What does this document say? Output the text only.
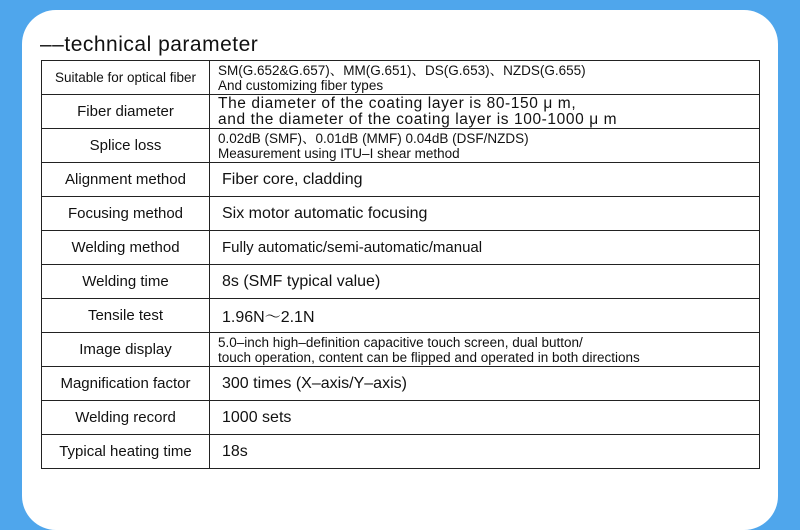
––technical parameter
Suitable for optical fiber	SM(G.652&G.657)、MM(G.651)、DS(G.653)、NZDS(G.655)
And customizing fiber types

Fiber diameter	The diameter of the coating layer is 80-150 μ m,
and the diameter of the coating layer is 100-1000 μ m

Splice loss	0.02dB (SMF)、0.01dB (MMF) 0.04dB (DSF/NZDS)
Measurement using ITU–I shear method

Alignment method	Fiber core, cladding
Focusing method	Six motor automatic focusing
Welding method	Fully automatic/semi-automatic/manual
Welding time	8s (SMF typical value)
Tensile test	1.96N～2.1N
Image display	5.0–inch high–definition capacitive touch screen, dual button/
touch operation, content can be flipped and operated in both directions

Magnification factor	300 times (X–axis/Y–axis)
Welding record	1000 sets
Typical heating time	18s
